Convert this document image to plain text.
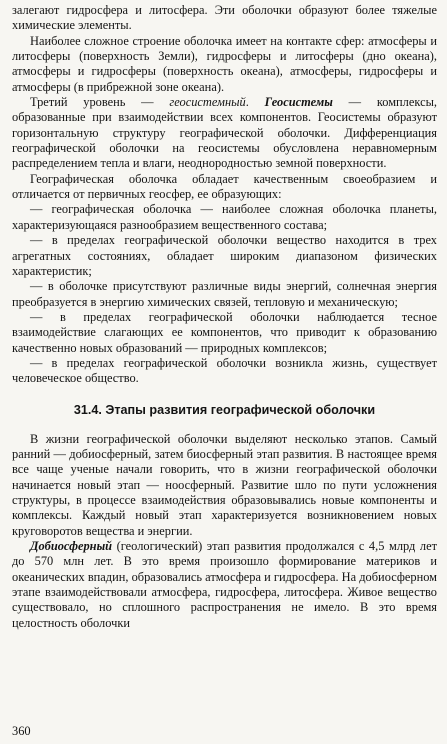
залегают гидросфера и литосфера. Эти оболочки образуют более тяжелые химические элементы.

Наиболее сложное строение оболочка имеет на контакте сфер: атмосферы и литосферы (поверхность Земли), гидросферы и литосферы (дно океана), атмосферы и гидросферы (поверхность океана), атмосферы, гидросферы и атмосферы (в прибрежной зоне океана).

Третий уровень — геосистемный. Геосистемы — комплексы, образованные при взаимодействии всех компонентов. Геосистемы образуют горизонтальную структуру географической оболочки. Дифференциация географической оболочки на геосистемы обусловлена неравномерным распределением тепла и влаги, неоднородностью земной поверхности.

Географическая оболочка обладает качественным своеобразием и отличается от первичных геосфер, ее образующих:

— географическая оболочка — наиболее сложная оболочка планеты, характеризующаяся разнообразием вещественного состава;

— в пределах географической оболочки вещество находится в трех агрегатных состояниях, обладает широким диапазоном физических характеристик;

— в оболочке присутствуют различные виды энергий, солнечная энергия преобразуется в энергию химических связей, тепловую и механическую;

— в пределах географической оболочки наблюдается тесное взаимодействие слагающих ее компонентов, что приводит к образованию качественно новых образований — природных комплексов;

— в пределах географической оболочки возникла жизнь, существует человеческое общество.

31.4. Этапы развития географической оболочки

В жизни географической оболочки выделяют несколько этапов. Самый ранний — добиосферный, затем биосферный этап развития. В настоящее время все чаще ученые начали говорить, что в жизни географической оболочки начинается новый этап — ноосферный. Развитие шло по пути усложнения структуры, в процессе взаимодействия образовывались новые компоненты и комплексы. Каждый новый этап характеризуется возникновением новых круговоротов вещества и энергии.

Добиосферный (геологический) этап развития продолжался с 4,5 млрд лет до 570 млн лет. В это время произошло формирование материков и океанических впадин, образовались атмосфера и гидросфера. На добиосферном этапе взаимодействовали атмосфера, гидросфера, литосфера. Живое вещество существовало, но сплошного распространения не имело. В это время целостность оболочки

360
